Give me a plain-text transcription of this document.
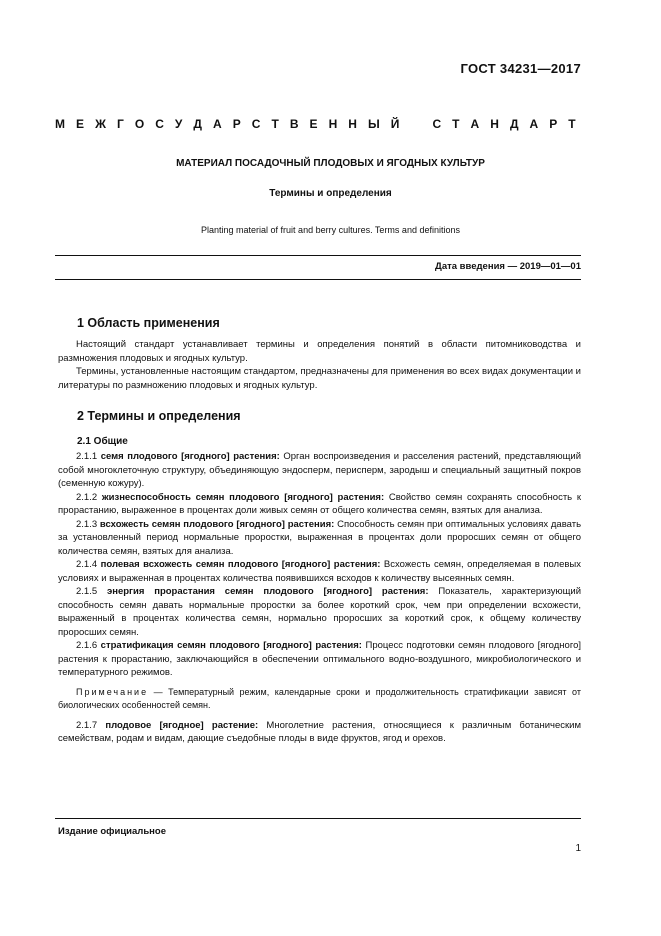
ГОСТ 34231—2017
М Е Ж Г О С У Д А Р С Т В Е Н Н Ы Й	С Т А Н Д А Р Т
МАТЕРИАЛ ПОСАДОЧНЫЙ ПЛОДОВЫХ И ЯГОДНЫХ КУЛЬТУР
Термины и определения
Planting material of fruit and berry cultures. Terms and definitions
Дата введения — 2019—01—01
1 Область применения

Настоящий стандарт устанавливает термины и определения понятий в области питомниководства и размножения плодовых и ягодных культур.

Термины, установленные настоящим стандартом, предназначены для применения во всех видах документации и литературы по размножению плодовых и ягодных культур.

2 Термины и определения
2.1 Общие

2.1.1 семя плодового [ягодного] растения: Орган воспроизведения и расселения растений, представляющий собой многоклеточную структуру, объединяющую эндосперм, перисперм, зародыш и специальный защитный покров (семенную кожуру).

2.1.2 жизнеспособность семян плодового [ягодного] растения: Свойство семян сохранять способность к прорастанию, выраженное в процентах доли живых семян от общего количества семян, взятых для анализа.

2.1.3 всхожесть семян плодового [ягодного] растения: Способность семян при оптимальных условиях давать за установленный период нормальные проростки, выраженная в процентах доли проросших семян от общего количества семян, взятых для анализа.

2.1.4 полевая всхожесть семян плодового [ягодного] растения: Всхожесть семян, определяемая в полевых условиях и выраженная в процентах количества появившихся всходов к количеству высеянных семян.

2.1.5 энергия прорастания семян плодового [ягодного] растения: Показатель, характеризующий способность семян давать нормальные проростки за более короткий срок, чем при определении всхожести, выраженный в процентах количества семян, нормально проросших за короткий срок, к общему количеству проросших семян.

2.1.6 стратификация семян плодового [ягодного] растения: Процесс подготовки семян плодового [ягодного] растения к прорастанию, заключающийся в обеспечении оптимального водно-воздушного, микробиологического и температурного режимов.

Примечание — Температурный режим, календарные сроки и продолжительность стратификации зависят от биологических особенностей семян.

2.1.7 плодовое [ягодное] растение: Многолетние растения, относящиеся к различным ботаническим семействам, родам и видам, дающие съедобные плоды в виде фруктов, ягод и орехов.

Издание официальное
1
